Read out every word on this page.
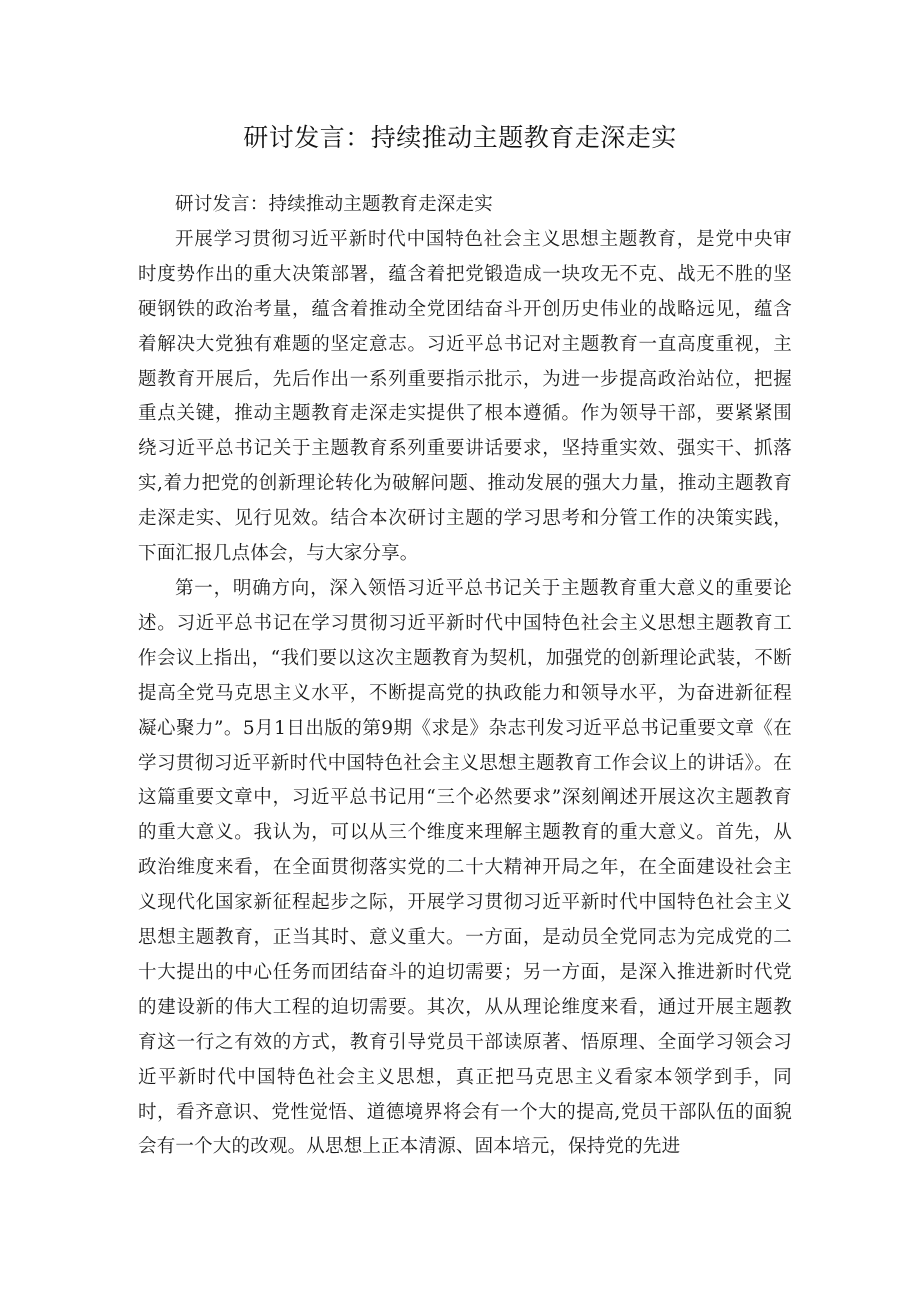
研讨发言：持续推动主题教育走深走实

研讨发言：持续推动主题教育走深走实

开展学习贯彻习近平新时代中国特色社会主义思想主题教育，是党中央审时度势作出的重大决策部署，蕴含着把党锻造成一块攻无不克、战无不胜的坚硬钢铁的政治考量，蕴含着推动全党团结奋斗开创历史伟业的战略远见，蕴含着解决大党独有难题的坚定意志。习近平总书记对主题教育一直高度重视，主题教育开展后，先后作出一系列重要指示批示，为进一步提高政治站位，把握重点关键，推动主题教育走深走实提供了根本遵循。作为领导干部，要紧紧围绕习近平总书记关于主题教育系列重要讲话要求，坚持重实效、强实干、抓落实,着力把党的创新理论转化为破解问题、推动发展的强大力量，推动主题教育走深走实、见行见效。结合本次研讨主题的学习思考和分管工作的决策实践，下面汇报几点体会，与大家分享。

第一，明确方向，深入领悟习近平总书记关于主题教育重大意义的重要论述。习近平总书记在学习贯彻习近平新时代中国特色社会主义思想主题教育工作会议上指出，“我们要以这次主题教育为契机，加强党的创新理论武装，不断提高全党马克思主义水平，不断提高党的执政能力和领导水平，为奋进新征程凝心聚力”。5月1日出版的第9期《求是》杂志刊发习近平总书记重要文章《在学习贯彻习近平新时代中国特色社会主义思想主题教育工作会议上的讲话》。在这篇重要文章中，习近平总书记用“三个必然要求”深刻阐述开展这次主题教育的重大意义。我认为，可以从三个维度来理解主题教育的重大意义。首先，从政治维度来看，在全面贯彻落实党的二十大精神开局之年，在全面建设社会主义现代化国家新征程起步之际，开展学习贯彻习近平新时代中国特色社会主义思想主题教育，正当其时、意义重大。一方面，是动员全党同志为完成党的二十大提出的中心任务而团结奋斗的迫切需要；另一方面，是深入推进新时代党的建设新的伟大工程的迫切需要。其次，从从理论维度来看，通过开展主题教育这一行之有效的方式，教育引导党员干部读原著、悟原理、全面学习领会习近平新时代中国特色社会主义思想，真正把马克思主义看家本领学到手，同时，看齐意识、党性觉悟、道德境界将会有一个大的提高,党员干部队伍的面貌会有一个大的改观。从思想上正本清源、固本培元，保持党的先进
